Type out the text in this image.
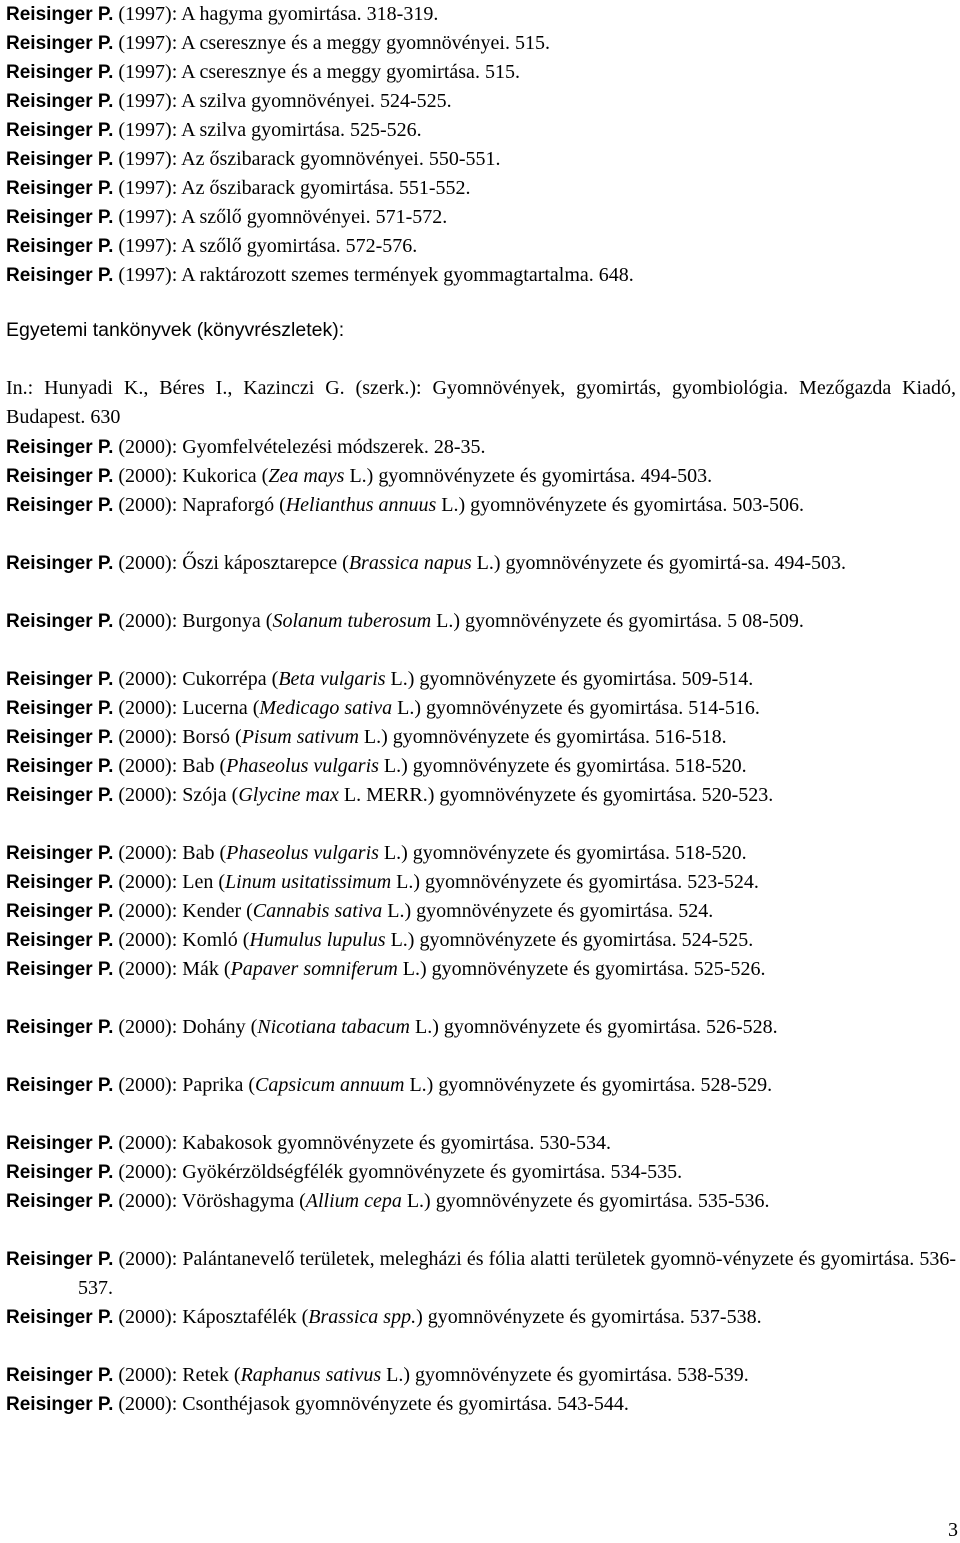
Reisinger P. (1997): A hagyma gyomirtása. 318-319.

Reisinger P. (1997): A cseresznye és a meggy gyomnövényei. 515.

Reisinger P. (1997): A cseresznye és a meggy gyomirtása. 515.

Reisinger P. (1997): A szilva gyomnövényei. 524-525.

Reisinger P. (1997): A szilva gyomirtása. 525-526.

Reisinger P. (1997): Az őszibarack gyomnövényei. 550-551.

Reisinger P. (1997): Az őszibarack gyomirtása. 551-552.

Reisinger P. (1997): A szőlő gyomnövényei. 571-572.

Reisinger P. (1997): A szőlő gyomirtása. 572-576.

Reisinger P. (1997): A raktározott szemes termények gyommagtartalma. 648.

Egyetemi tankönyvek (könyvrészletek):

In.: Hunyadi K., Béres I., Kazinczi G. (szerk.): Gyomnövények, gyomirtás, gyombiológia. Mezőgazda Kiadó, Budapest. 630

Reisinger P. (2000): Gyomfelvételezési módszerek. 28-35.

Reisinger P. (2000): Kukorica (Zea mays L.) gyomnövényzete és gyomirtása. 494-503.

Reisinger P. (2000): Napraforgó (Helianthus annuus L.) gyomnövényzete és gyomirtása. 503-506.

Reisinger P. (2000): Őszi káposztarepce (Brassica napus L.) gyomnövényzete és gyomirtá-sa. 494-503.

Reisinger P. (2000): Burgonya (Solanum tuberosum L.) gyomnövényzete és gyomirtása. 5 08-509.

Reisinger P. (2000): Cukorrépa (Beta vulgaris L.) gyomnövényzete és gyomirtása. 509-514.

Reisinger P. (2000): Lucerna (Medicago sativa L.) gyomnövényzete és gyomirtása. 514-516.

Reisinger P. (2000): Borsó (Pisum sativum L.) gyomnövényzete és gyomirtása. 516-518.

Reisinger P. (2000): Bab (Phaseolus vulgaris L.) gyomnövényzete és gyomirtása. 518-520.

Reisinger P. (2000): Szója (Glycine max L. MERR.) gyomnövényzete és gyomirtása. 520-523.

Reisinger P. (2000): Bab (Phaseolus vulgaris L.) gyomnövényzete és gyomirtása. 518-520.

Reisinger P. (2000): Len (Linum usitatissimum L.) gyomnövényzete és gyomirtása. 523-524.

Reisinger P. (2000): Kender (Cannabis sativa L.) gyomnövényzete és gyomirtása. 524.

Reisinger P. (2000): Komló (Humulus lupulus L.) gyomnövényzete és gyomirtása. 524-525.

Reisinger P. (2000): Mák (Papaver somniferum L.) gyomnövényzete és gyomirtása. 525-526.

Reisinger P. (2000): Dohány (Nicotiana tabacum L.) gyomnövényzete és gyomirtása. 526-528.

Reisinger P. (2000): Paprika (Capsicum annuum L.) gyomnövényzete és gyomirtása. 528-529.

Reisinger P. (2000): Kabakosok gyomnövényzete és gyomirtása. 530-534.

Reisinger P. (2000): Gyökérzöldségfélék gyomnövényzete és gyomirtása. 534-535.

Reisinger P. (2000): Vöröshagyma (Allium cepa L.) gyomnövényzete és gyomirtása. 535-536.

Reisinger P. (2000): Palántanevelő területek, melegházi és fólia alatti területek gyomnö-vényzete és gyomirtása. 536-537.

Reisinger P. (2000): Káposztafélék (Brassica spp.) gyomnövényzete és gyomirtása. 537-538.

Reisinger P. (2000): Retek (Raphanus sativus L.) gyomnövényzete és gyomirtása. 538-539.

Reisinger P. (2000): Csonthéjasok gyomnövényzete és gyomirtása. 543-544.

3
